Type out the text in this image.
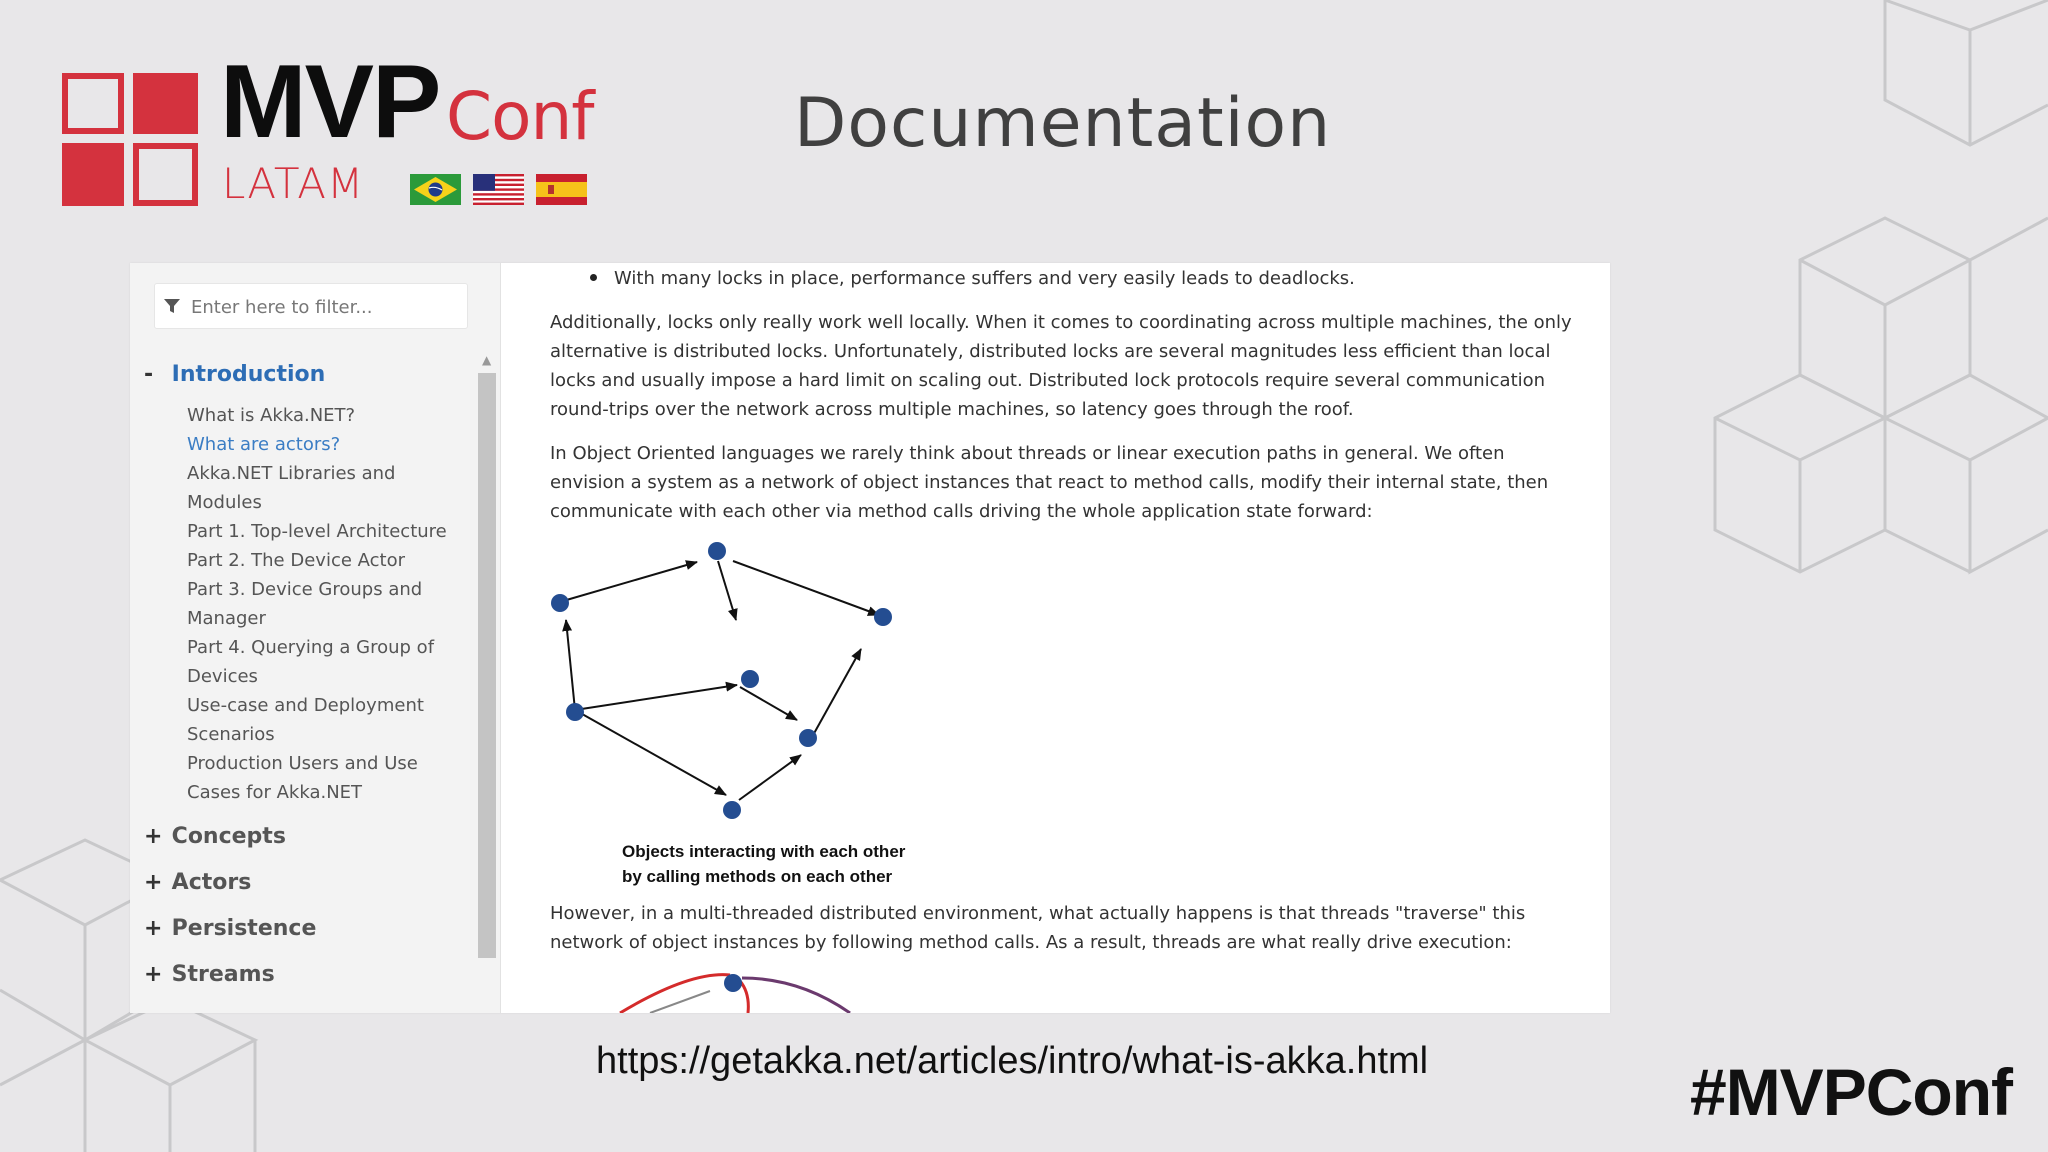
MVP Conf
LATAM
Documentation
Enter here to filter...
▲
- Introduction
What is Akka.NET?
What are actors?
Akka.NET Libraries and
Modules
Part 1. Top-level Architecture
Part 2. The Device Actor
Part 3. Device Groups and
Manager
Part 4. Querying a Group of
Devices
Use-case and Deployment
Scenarios
Production Users and Use
Cases for Akka.NET
+ Concepts
+ Actors
+ Persistence
+ Streams
With many locks in place, performance suffers and very easily leads to deadlocks.
Additionally, locks only really work well locally. When it comes to coordinating across multiple machines, the only
alternative is distributed locks. Unfortunately, distributed locks are several magnitudes less efficient than local
locks and usually impose a hard limit on scaling out. Distributed lock protocols require several communication
round-trips over the network across multiple machines, so latency goes through the roof.
In Object Oriented languages we rarely think about threads or linear execution paths in general. We often
envision a system as a network of object instances that react to method calls, modify their internal state, then
communicate with each other via method calls driving the whole application state forward:
Objects interacting with each other
by calling methods on each other
However, in a multi-threaded distributed environment, what actually happens is that threads "traverse" this
network of object instances by following method calls. As a result, threads are what really drive execution:
https://getakka.net/articles/intro/what-is-akka.html	#MVPConf
